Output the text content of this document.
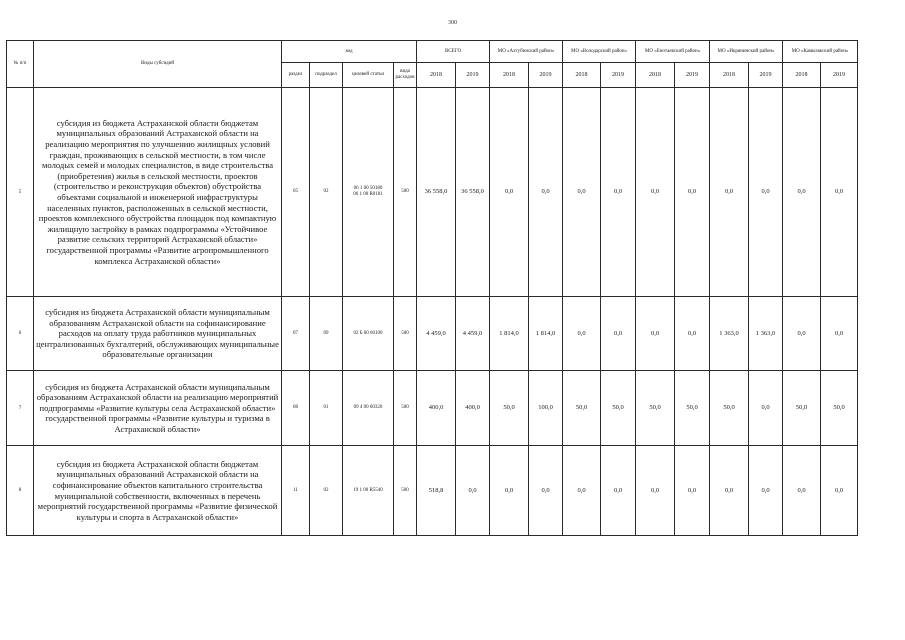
300
№ п/п	Виды субсидий	код				ВСЕГО		МО «Ахтубинский район»		МО «Володарский район»		МО «Енотаевский район»		МО «Икрянинский район»		МО «Камызякский район»	
		раздел	подраздел	целевой статьи	вида расходов	2018	2019	2018	2019	2018	2019	2018	2019	2018	2019	2018	2019
5	субсидия из бюджета Астраханской области бюджетам муниципальных образований Астраханской области на реализацию мероприятия по улучшению жилищных условий граждан, проживающих в сельской местности, в том числе молодых семей и молодых специалистов, в виде строительства (приобретения) жилья в сельской местности, проектов (строительство и реконструкция объектов) обустройства объектами социальной и инженерной инфраструктуры населенных пунктов, расположенных в сельской местности, проектов комплексного обустройства площадок под компактную жилищную застройку в рамках подпрограммы «Устойчивое развитие сельских территорий Астраханской области» государственной программы «Развитие агропромышленного комплекса Астраханской области»	05	02	06 1 00 50180
06 1 00 R0181	500	36 558,0	36 558,0	0,0	0,0	0,0	0,0	0,0	0,0	0,0	0,0	0,0	0,0
6	субсидия из бюджета Астраханской области муниципальным образованиям Астраханской области на софинансирование расходов на оплату труда работников муниципальных централизованных бухгалтерий, обслуживающих муниципальные образовательные организации	07	09	02 Б 00 60100	500	4 459,0	4 459,0	1 814,0	1 814,0	0,0	0,0	0,0	0,0	1 363,0	1 363,0	0,0	0,0
7	субсидия из бюджета Астраханской области муниципальным образованиям Астраханской области на реализацию мероприятий подпрограммы «Развитие культуры села Астраханской области» государственной программы «Развитие культуры и туризма в Астраханской области»	08	01	09 4 00 60320	500	400,0	400,0	50,0	100,0	50,0	50,0	50,0	50,0	50,0	0,0	50,0	50,0
8	субсидия из бюджета Астраханской области бюджетам муниципальных образований Астраханской области на софинансирование объектов капитального строительства муниципальной собственности, включенных в перечень мероприятий государственной программы «Развитие физической культуры и спорта в Астраханской области»	11	02	19 1 00 R5540	500	518,8	0,0	0,0	0,0	0,0	0,0	0,0	0,0	0,0	0,0	0,0	0,0
